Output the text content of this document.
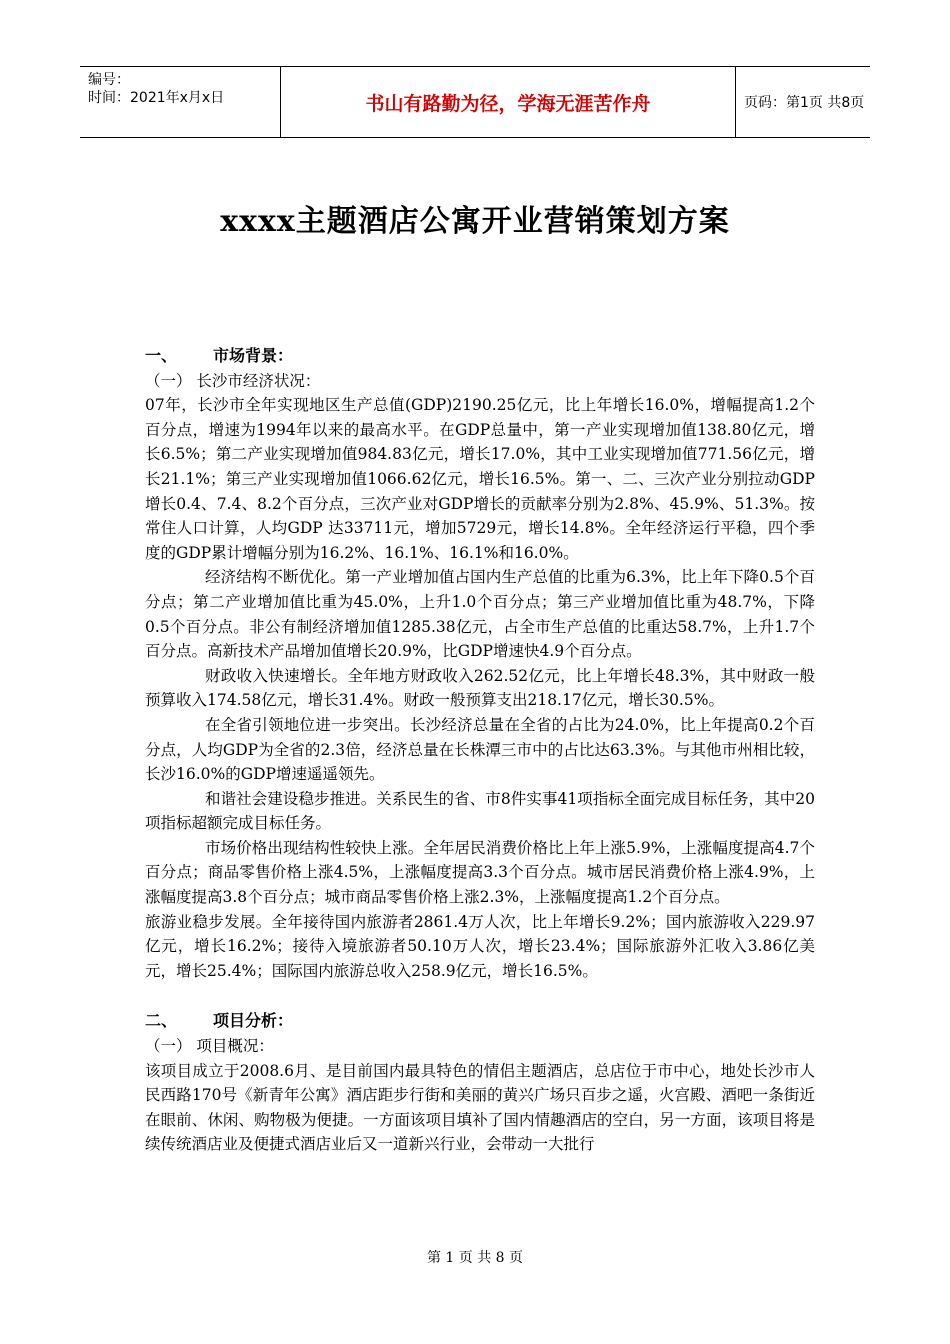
编号：
时间：2021年x月x日	书山有路勤为径，学海无涯苦作舟	页码：第1页 共8页
xxxx主题酒店公寓开业营销策划方案

一、 市场背景：

（一） 长沙市经济状况：

07年，长沙市全年实现地区生产总值(GDP)2190.25亿元，比上年增长16.0%，增幅提高1.2个百分点，增速为1994年以来的最高水平。在GDP总量中，第一产业实现增加值138.80亿元，增长6.5%；第二产业实现增加值984.83亿元，增长17.0%，其中工业实现增加值771.56亿元，增长21.1%；第三产业实现增加值1066.62亿元，增长16.5%。第一、二、三次产业分别拉动GDP增长0.4、7.4、8.2个百分点，三次产业对GDP增长的贡献率分别为2.8%、45.9%、51.3%。按常住人口计算，人均GDP 达33711元，增加5729元，增长14.8%。全年经济运行平稳，四个季度的GDP累计增幅分别为16.2%、16.1%、16.1%和16.0%。

经济结构不断优化。第一产业增加值占国内生产总值的比重为6.3%，比上年下降0.5个百分点；第二产业增加值比重为45.0%，上升1.0个百分点；第三产业增加值比重为48.7%，下降0.5个百分点。非公有制经济增加值1285.38亿元，占全市生产总值的比重达58.7%，上升1.7个百分点。高新技术产品增加值增长20.9%，比GDP增速快4.9个百分点。

财政收入快速增长。全年地方财政收入262.52亿元，比上年增长48.3%，其中财政一般预算收入174.58亿元，增长31.4%。财政一般预算支出218.17亿元，增长30.5%。

在全省引领地位进一步突出。长沙经济总量在全省的占比为24.0%，比上年提高0.2个百分点，人均GDP为全省的2.3倍，经济总量在长株潭三市中的占比达63.3%。与其他市州相比较，长沙16.0%的GDP增速遥遥领先。

和谐社会建设稳步推进。关系民生的省、市8件实事41项指标全面完成目标任务，其中20项指标超额完成目标任务。

市场价格出现结构性较快上涨。全年居民消费价格比上年上涨5.9%，上涨幅度提高4.7个百分点；商品零售价格上涨4.5%，上涨幅度提高3.3个百分点。城市居民消费价格上涨4.9%，上涨幅度提高3.8个百分点；城市商品零售价格上涨2.3%，上涨幅度提高1.2个百分点。

旅游业稳步发展。全年接待国内旅游者2861.4万人次，比上年增长9.2%；国内旅游收入229.97亿元，增长16.2%；接待入境旅游者50.10万人次，增长23.4%；国际旅游外汇收入3.86亿美元，增长25.4%；国际国内旅游总收入258.9亿元，增长16.5%。

二、 项目分析：

（一） 项目概况：

该项目成立于2008.6月、是目前国内最具特色的情侣主题酒店，总店位于市中心，地处长沙市人民西路170号《新青年公寓》酒店距步行街和美丽的黄兴广场只百步之遥，火宫殿、酒吧一条街近在眼前、休闲、购物极为便捷。一方面该项目填补了国内情趣酒店的空白，另一方面，该项目将是续传统酒店业及便捷式酒店业后又一道新兴行业，会带动一大批行

第 1 页 共 8 页
